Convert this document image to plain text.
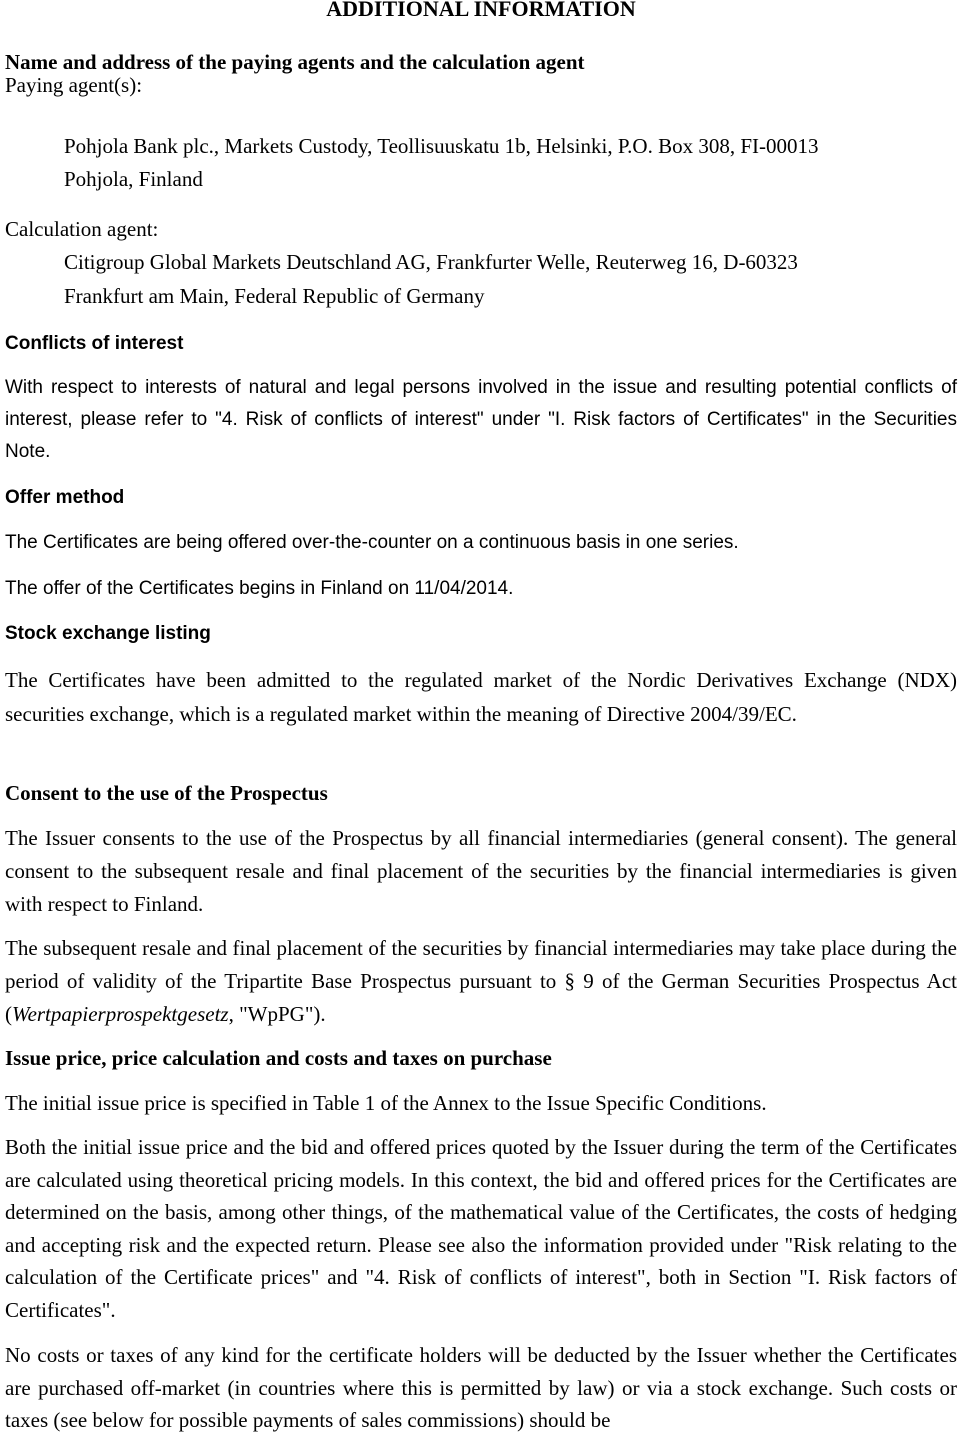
ADDITIONAL INFORMATION
Name and address of the paying agents and the calculation agent
Paying agent(s):
Pohjola Bank plc., Markets Custody, Teollisuuskatu 1b, Helsinki, P.O. Box 308, FI-00013
Pohjola, Finland
Calculation agent:
Citigroup Global Markets Deutschland AG, Frankfurter Welle, Reuterweg 16, D-60323
Frankfurt am Main, Federal Republic of Germany
Conflicts of interest
With respect to interests of natural and legal persons involved in the issue and resulting potential conflicts of interest, please refer to "4. Risk of conflicts of interest" under "I. Risk factors of Certificates" in the Securities Note.
Offer method
The Certificates are being offered over-the-counter on a continuous basis in one series.
The offer of the Certificates begins in Finland on 11/04/2014.
Stock exchange listing
The Certificates have been admitted to the regulated market of the Nordic Derivatives Exchange (NDX) securities exchange, which is a regulated market within the meaning of Directive 2004/39/EC.
Consent to the use of the Prospectus
The Issuer consents to the use of the Prospectus by all financial intermediaries (general consent). The general consent to the subsequent resale and final placement of the securities by the financial intermediaries is given with respect to Finland.
The subsequent resale and final placement of the securities by financial intermediaries may take place during the period of validity of the Tripartite Base Prospectus pursuant to § 9 of the German Securities Prospectus Act (Wertpapierprospektgesetz, "WpPG").
Issue price, price calculation and costs and taxes on purchase
The initial issue price is specified in Table 1 of the Annex to the Issue Specific Conditions.
Both the initial issue price and the bid and offered prices quoted by the Issuer during the term of the Certificates are calculated using theoretical pricing models. In this context, the bid and offered prices for the Certificates are determined on the basis, among other things, of the mathematical value of the Certificates, the costs of hedging and accepting risk and the expected return. Please see also the information provided under "Risk relating to the calculation of the Certificate prices" and "4. Risk of conflicts of interest", both in Section "I. Risk factors of Certificates".
No costs or taxes of any kind for the certificate holders will be deducted by the Issuer whether the Certificates are purchased off-market (in countries where this is permitted by law) or via a stock exchange. Such costs or taxes (see below for possible payments of sales commissions) should be
